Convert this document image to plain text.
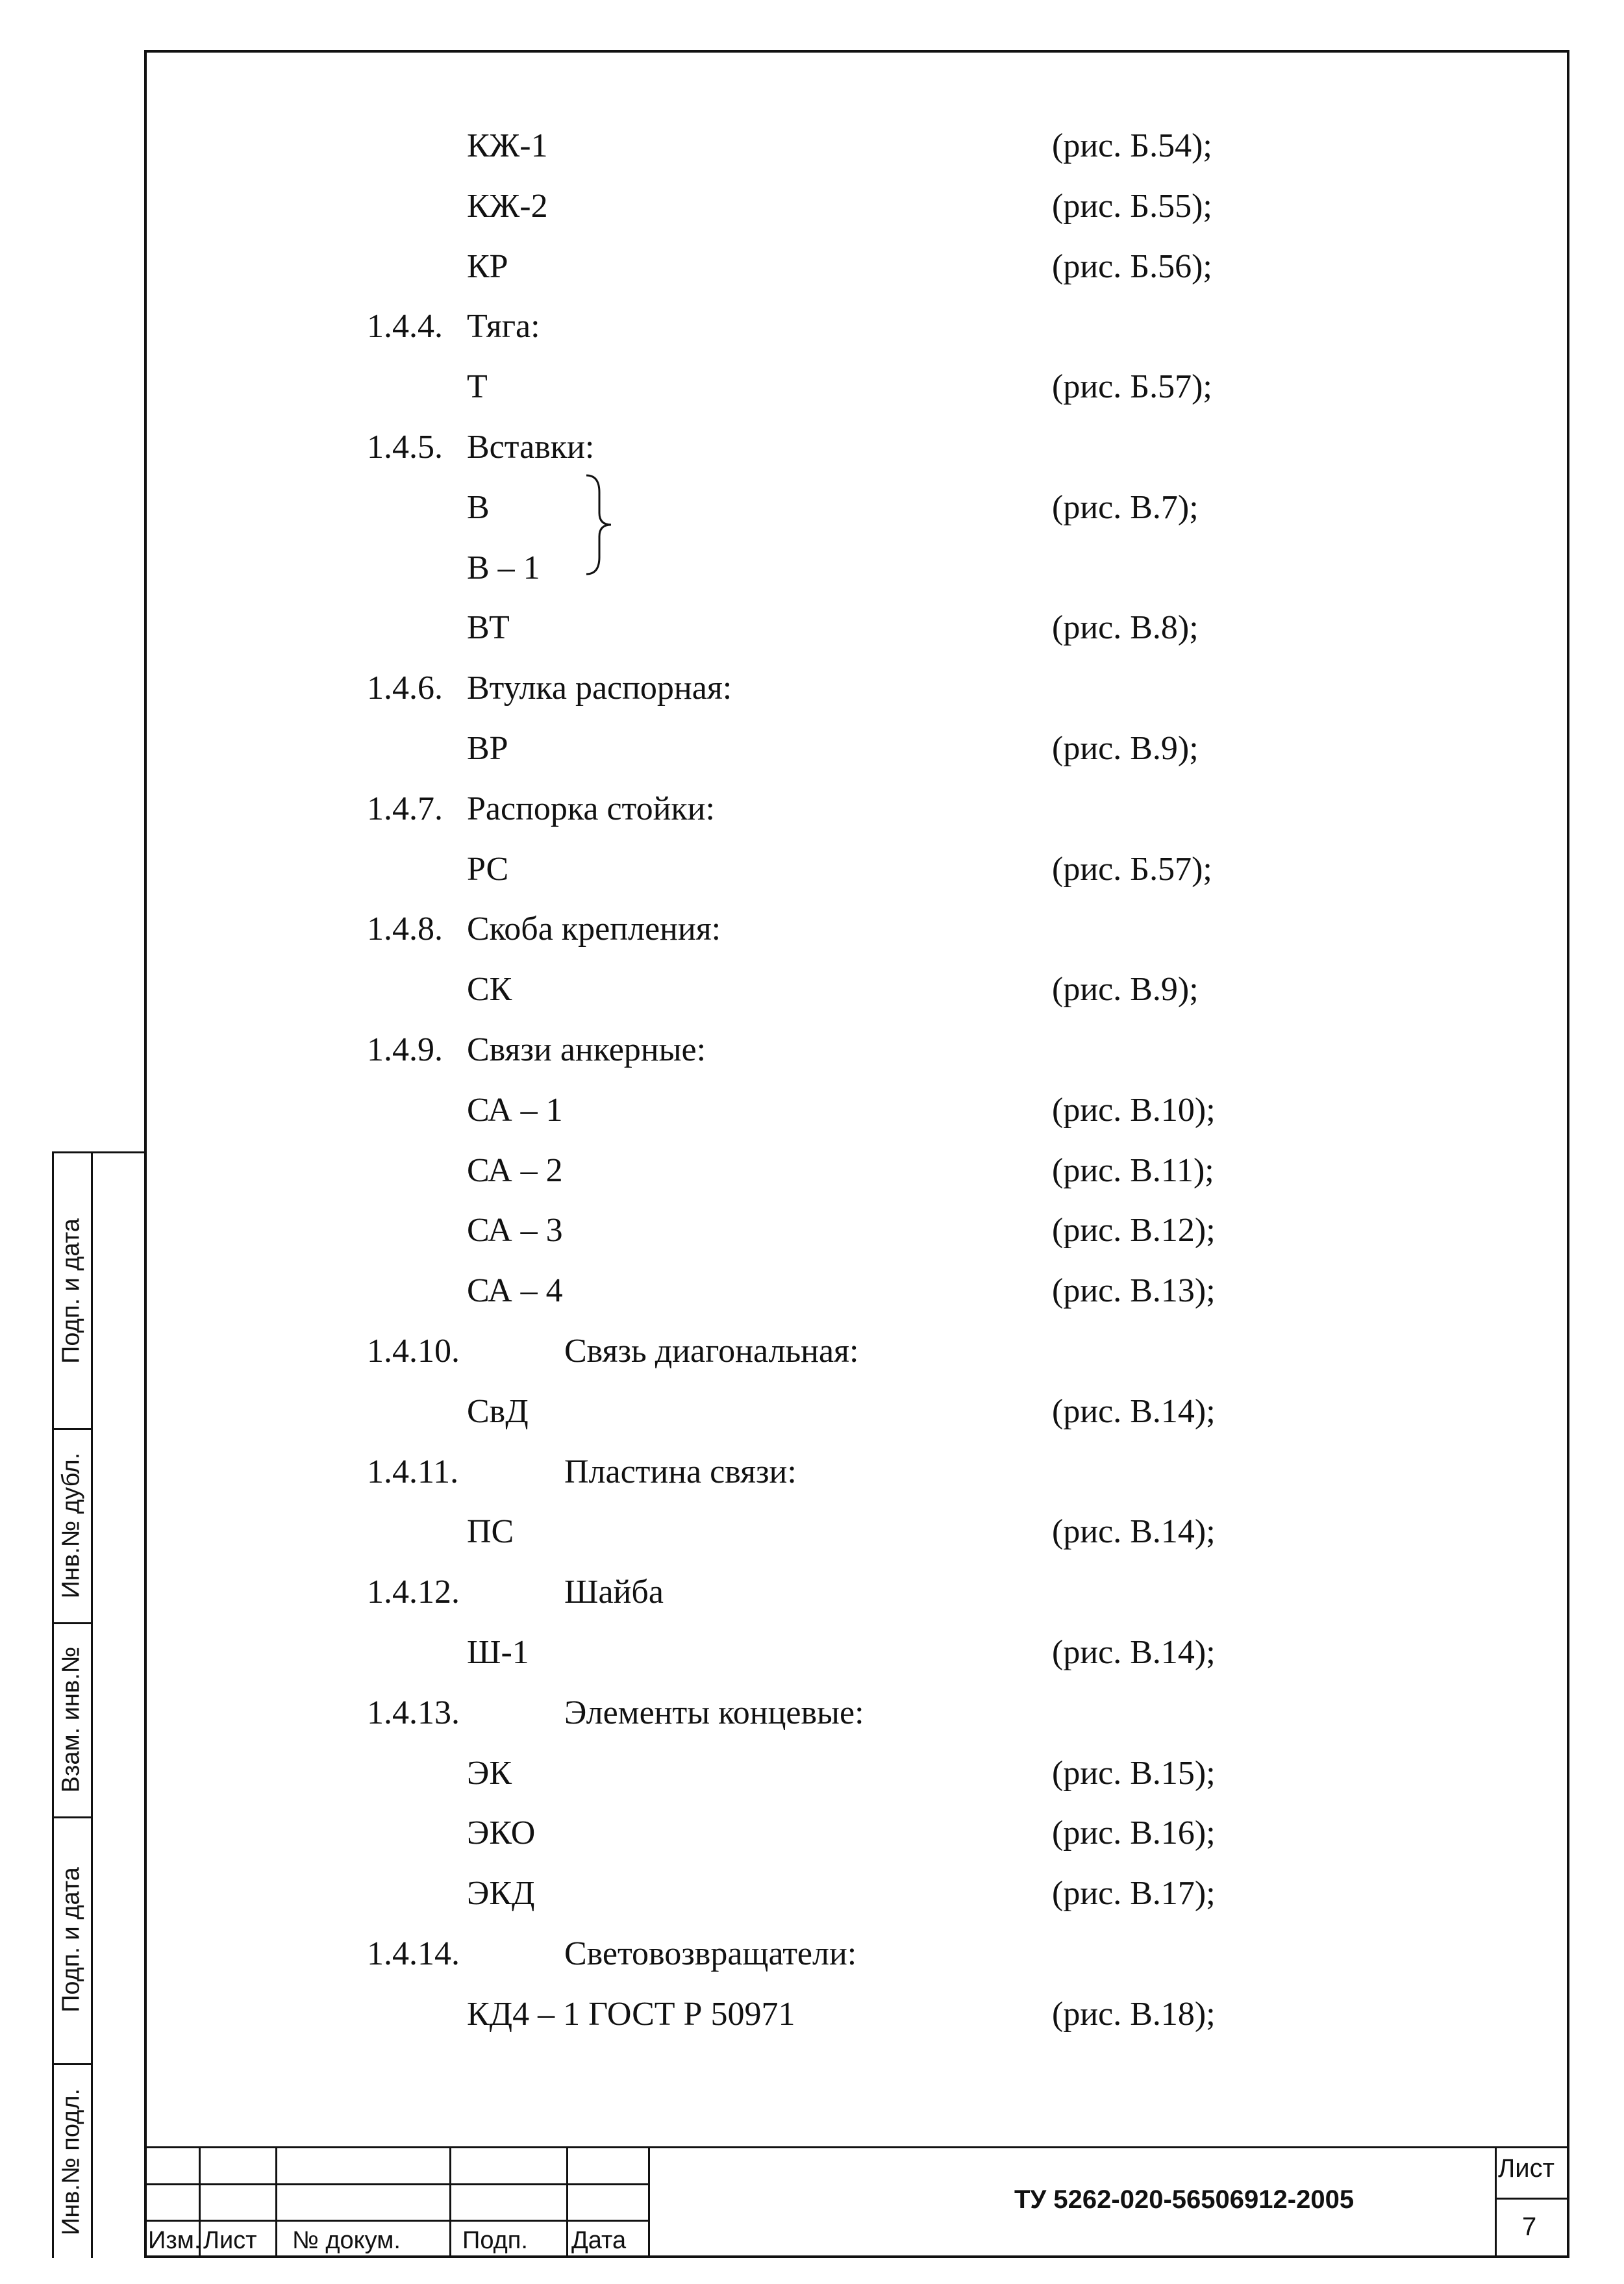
КЖ-1	(рис. Б.54);
КЖ-2	(рис. Б.55);
КР	(рис. Б.56);
1.4.4. Тяга:
Т	(рис. Б.57);
1.4.5. Вставки:
В	(рис. В.7);
В – 1
ВТ	(рис. В.8);
1.4.6. Втулка распорная:
ВР	(рис. В.9);
1.4.7. Распорка стойки:
РС	(рис. Б.57);
1.4.8. Скоба крепления:
СК	(рис. В.9);
1.4.9. Связи анкерные:
СА – 1	(рис. В.10);
СА – 2	(рис. В.11);
СА – 3	(рис. В.12);
СА – 4	(рис. В.13);
1.4.10.	Связь диагональная:
СвД	(рис. В.14);
1.4.11.	Пластина связи:
ПС	(рис. В.14);
1.4.12.	Шайба
Ш-1	(рис. В.14);
1.4.13.	Элементы концевые:
ЭК	(рис. В.15);
ЭКО	(рис. В.16);
ЭКД	(рис. В.17);
1.4.14.	Световозвращатели:
КД4 – 1 ГОСТ Р 50971	(рис. В.18);
Подп. и дата
Инв.№ дубл.
Взам. инв.№
Подп. и дата
Инв.№ подл.
Изм. Лист № докум.	Подп. Дата
ТУ 5262-020-56506912-2005
Лист
7
